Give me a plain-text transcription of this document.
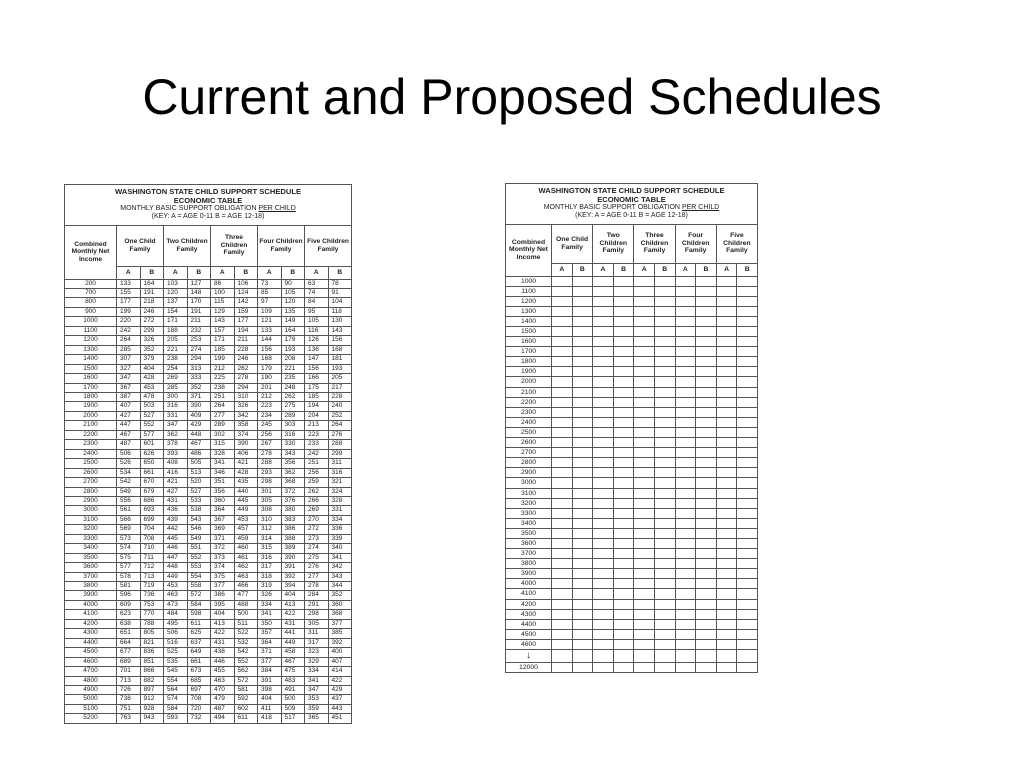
Current and Proposed Schedules
WASHINGTON STATE CHILD SUPPORT SCHEDULE
ECONOMIC TABLE
MONTHLY BASIC SUPPORT OBLIGATION PER CHILD
(KEY: A = AGE 0-11 B = AGE 12-18)										

Combined Monthly Net Income	One Child Family		Two Children Family		Three Children Family		Four Children Family		Five Children Family	
	A	B	A	B	A	B	A	B	A	B
200	133	164	103	127	86	106	73	90	63	78
700	155	191	120	148	100	124	85	105	74	91
800	177	218	137	170	115	142	97	120	84	104
900	199	246	154	191	129	159	109	135	95	118
1000	220	272	171	211	143	177	121	149	105	130
1100	242	299	188	232	157	194	133	164	116	143
1200	264	326	205	253	171	211	144	179	126	156
1300	285	352	221	274	185	228	156	193	136	168
1400	307	379	238	294	199	246	168	208	147	181
1500	327	404	254	313	212	262	179	221	156	193
1600	347	428	269	333	225	278	190	235	166	205
1700	367	453	285	352	238	294	201	248	175	217
1800	387	478	300	371	251	310	212	262	185	228
1900	407	503	316	390	264	326	223	275	194	240
2000	427	527	331	409	277	342	234	289	204	252
2100	447	552	347	429	289	358	245	303	213	264
2200	467	577	362	448	302	374	256	316	223	276
2300	487	601	378	467	315	390	267	330	233	288
2400	506	626	393	486	328	406	278	343	242	299
2500	526	650	408	505	341	421	288	356	251	311
2600	534	661	416	513	346	428	293	362	256	316
2700	542	670	421	520	351	435	298	368	259	321
2800	549	679	427	527	356	440	301	372	262	324
2900	556	686	431	533	360	445	305	376	266	328
3000	561	693	436	538	364	449	308	380	269	331
3100	566	699	439	543	367	453	310	383	270	334
3200	569	704	442	546	369	457	312	386	272	336
3300	573	708	445	549	371	459	314	388	273	339
3400	574	710	446	551	372	460	315	389	274	340
3500	575	711	447	552	373	461	316	390	275	341
3600	577	712	448	553	374	462	317	391	276	342
3700	578	713	449	554	375	463	318	392	277	343
3800	581	719	453	558	377	466	319	394	278	344
3900	596	736	463	572	386	477	326	404	284	352
4000	609	753	473	584	395	488	334	413	291	360
4100	623	770	484	598	404	500	341	422	298	368
4200	638	788	495	611	413	511	350	431	305	377
4300	651	805	506	625	422	522	357	441	311	385
4400	664	821	516	637	431	532	364	449	317	392
4500	677	836	525	649	438	542	371	458	323	400
4600	689	851	535	661	446	552	377	467	329	407
4700	701	866	545	673	455	562	384	475	334	414
4800	713	882	554	685	463	572	391	483	341	422
4900	726	897	564	697	470	581	398	491	347	429
5000	738	912	574	708	479	592	404	500	353	437
5100	751	928	584	720	487	602	411	509	359	443
5200	763	943	593	732	494	611	418	517	365	451
WASHINGTON STATE CHILD SUPPORT SCHEDULE
ECONOMIC TABLE
MONTHLY BASIC SUPPORT OBLIGATION PER CHILD
(KEY: A = AGE 0-11 B = AGE 12-18)										

Combined Monthly Net Income	One Child Family		Two Children Family		Three Children Family		Four Children Family		Five Children Family	
	A	B	A	B	A	B	A	B	A	B
1000										
1100										
1200										
1300										
1400										
1500										
1600										
1700										
1800										
1900										
2000										
2100										
2200										
2300										
2400										
2500										
2600										
2700										
2800										
2900										
3000										
3100										
3200										
3300										
3400										
3500										
3600										
3700										
3800										
3900										
4000										
4100										
4200										
4300										
4400										
4500										
4600										
↓										
12000										
